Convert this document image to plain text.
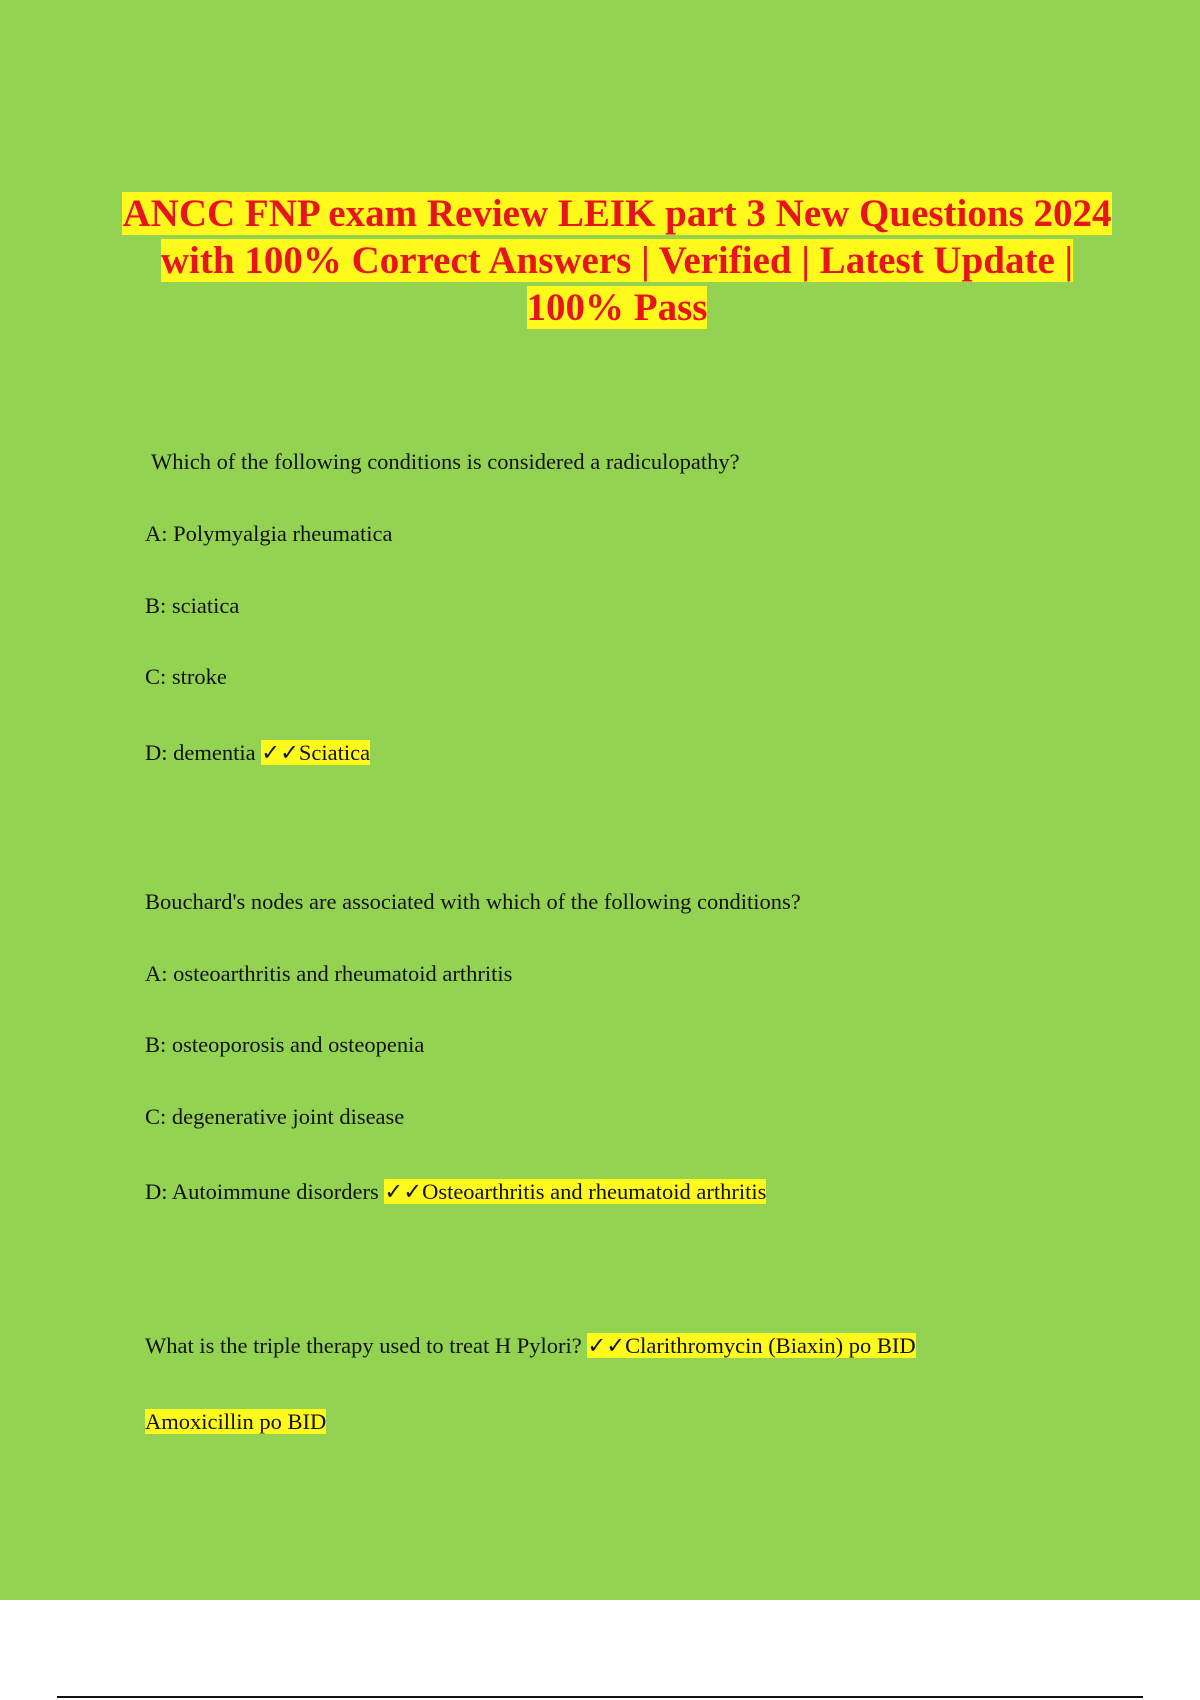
ANCC FNP exam Review LEIK part 3 New Questions 2024 with 100% Correct Answers | Verified | Latest Update | 100% Pass
Which of the following conditions is considered a radiculopathy?
A: Polymyalgia rheumatica
B: sciatica
C: stroke
D: dementia ✓✓Sciatica
Bouchard's nodes are associated with which of the following conditions?
A: osteoarthritis and rheumatoid arthritis
B: osteoporosis and osteopenia
C: degenerative joint disease
D: Autoimmune disorders ✓✓Osteoarthritis and rheumatoid arthritis
What is the triple therapy used to treat H Pylori? ✓✓Clarithromycin (Biaxin) po BID
Amoxicillin po BID
